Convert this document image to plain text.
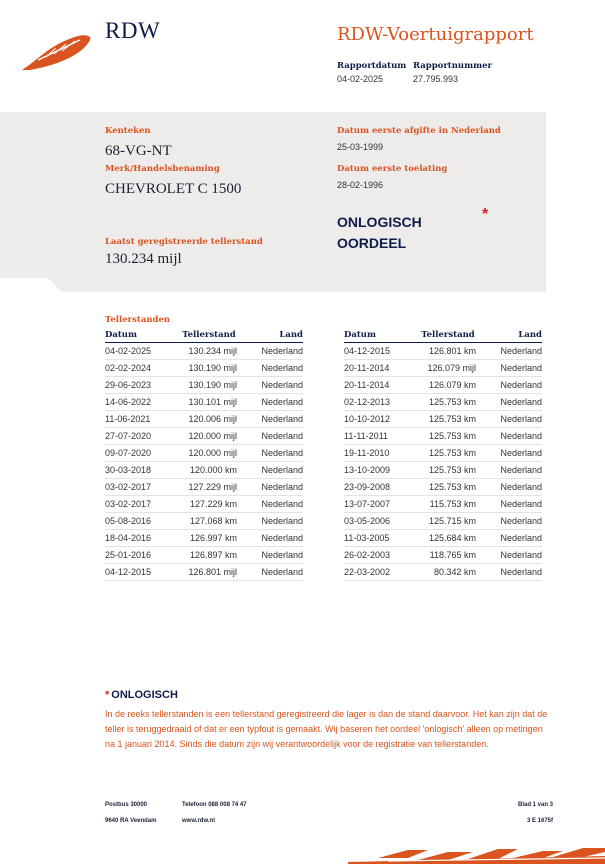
RDW	RDW-Voertuigrapport
Rapportdatum
04-02-2025
Rapportnummer
27.795.993
Kenteken
68-VG-NT
Merk/Handelsbenaming
CHEVROLET C 1500
Laatst geregistreerde tellerstand
130.234 mijl
Datum eerste afgifte in Nederland
25-03-1999
Datum eerste toelating
28-02-1996
ONLOGISCH
OORDEEL
*
Tellerstanden
Datum	Tellerstand	Land
04-02-2025	130.234 mijl	Nederland
02-02-2024	130.190 mijl	Nederland
29-06-2023	130.190 mijl	Nederland
14-06-2022	130.101 mijl	Nederland
11-06-2021	120.006 mijl	Nederland
27-07-2020	120.000 mijl	Nederland
09-07-2020	120.000 mijl	Nederland
30-03-2018	120.000 km	Nederland
03-02-2017	127.229 mijl	Nederland
03-02-2017	127.229 km	Nederland
05-08-2016	127.068 km	Nederland
18-04-2016	126.997 km	Nederland
25-01-2016	126.897 km	Nederland
04-12-2015	126.801 mijl	Nederland
Datum	Tellerstand	Land
04-12-2015	126.801 km	Nederland
20-11-2014	126.079 mijl	Nederland
20-11-2014	126.079 km	Nederland
02-12-2013	125.753 km	Nederland
10-10-2012	125.753 km	Nederland
11-11-2011	125.753 km	Nederland
19-11-2010	125.753 km	Nederland
13-10-2009	125.753 km	Nederland
23-09-2008	125.753 km	Nederland
13-07-2007	115.753 km	Nederland
03-05-2006	125.715 km	Nederland
11-03-2005	125.684 km	Nederland
26-02-2003	118.765 km	Nederland
22-03-2002	80.342 km	Nederland
* ONLOGISCH
In de reeks tellerstanden is een tellerstand geregistreerd die lager is dan de stand daarvoor. Het kan zijn dat de teller is teruggedraaid of dat er een typfout is gemaakt. Wij baseren het oordeel 'onlogisch' alleen op metingen na 1 januari 2014. Sinds die datum zijn wij verantwoordelijk voor de registratie van tellerstanden.
Postbus 30000
9640 RA Veendam
Telefoon 088 008 74 47
www.rdw.nl
Blad 1 van 3
3 E 1675f
